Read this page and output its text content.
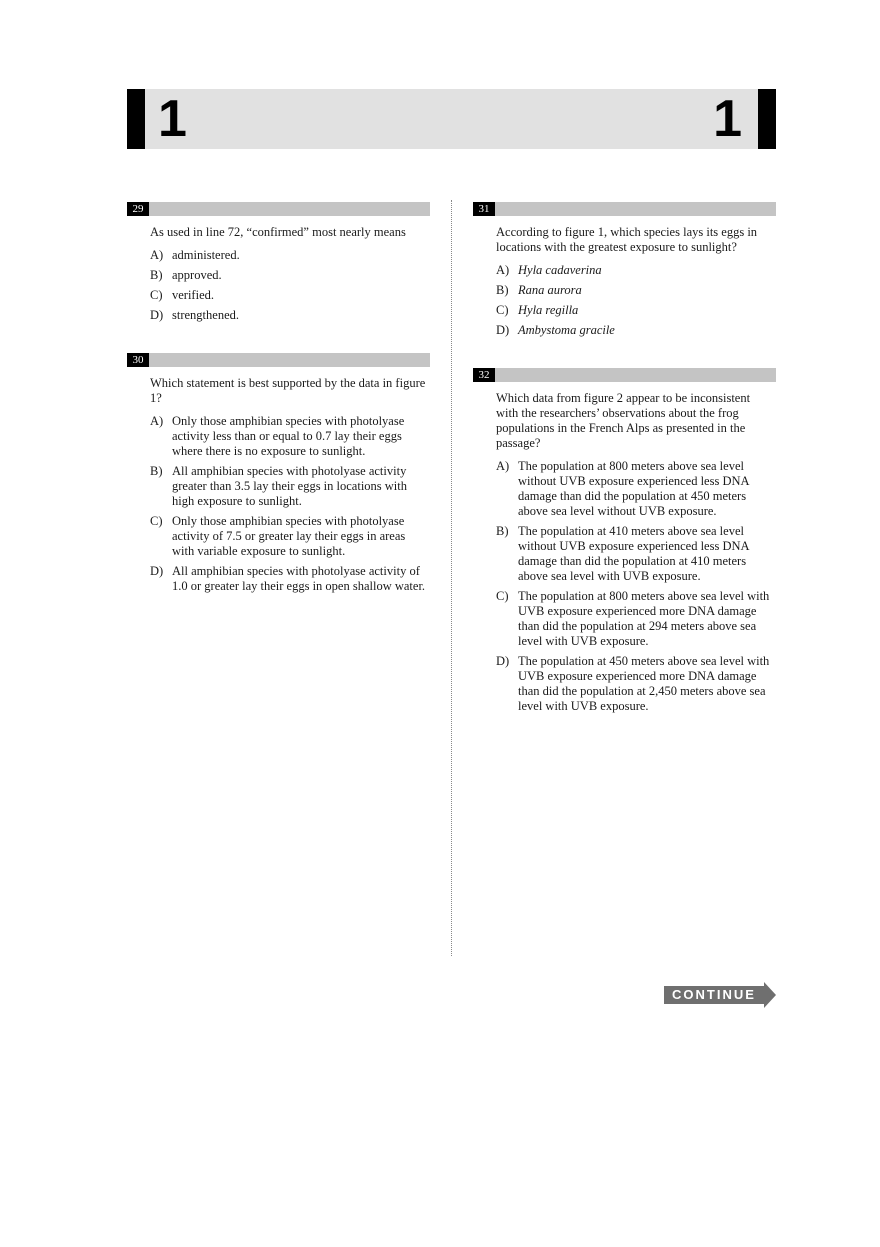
1	1
29
As used in line 72, “confirmed” most nearly means
A) administered.
B) approved.
C) verified.
D) strengthened.
30
Which statement is best supported by the data in figure 1?
A) Only those amphibian species with photolyase activity less than or equal to 0.7 lay their eggs where there is no exposure to sunlight.
B) All amphibian species with photolyase activity greater than 3.5 lay their eggs in locations with high exposure to sunlight.
C) Only those amphibian species with photolyase activity of 7.5 or greater lay their eggs in areas with variable exposure to sunlight.
D) All amphibian species with photolyase activity of 1.0 or greater lay their eggs in open shallow water.
31
According to figure 1, which species lays its eggs in locations with the greatest exposure to sunlight?
A) Hyla cadaverina
B) Rana aurora
C) Hyla regilla
D) Ambystoma gracile
32
Which data from figure 2 appear to be inconsistent with the researchers’ observations about the frog populations in the French Alps as presented in the passage?
A) The population at 800 meters above sea level without UVB exposure experienced less DNA damage than did the population at 450 meters above sea level without UVB exposure.
B) The population at 410 meters above sea level without UVB exposure experienced less DNA damage than did the population at 410 meters above sea level with UVB exposure.
C) The population at 800 meters above sea level with UVB exposure experienced more DNA damage than did the population at 294 meters above sea level with UVB exposure.
D) The population at 450 meters above sea level with UVB exposure experienced more DNA damage than did the population at 2,450 meters above sea level with UVB exposure.
CONTINUE
